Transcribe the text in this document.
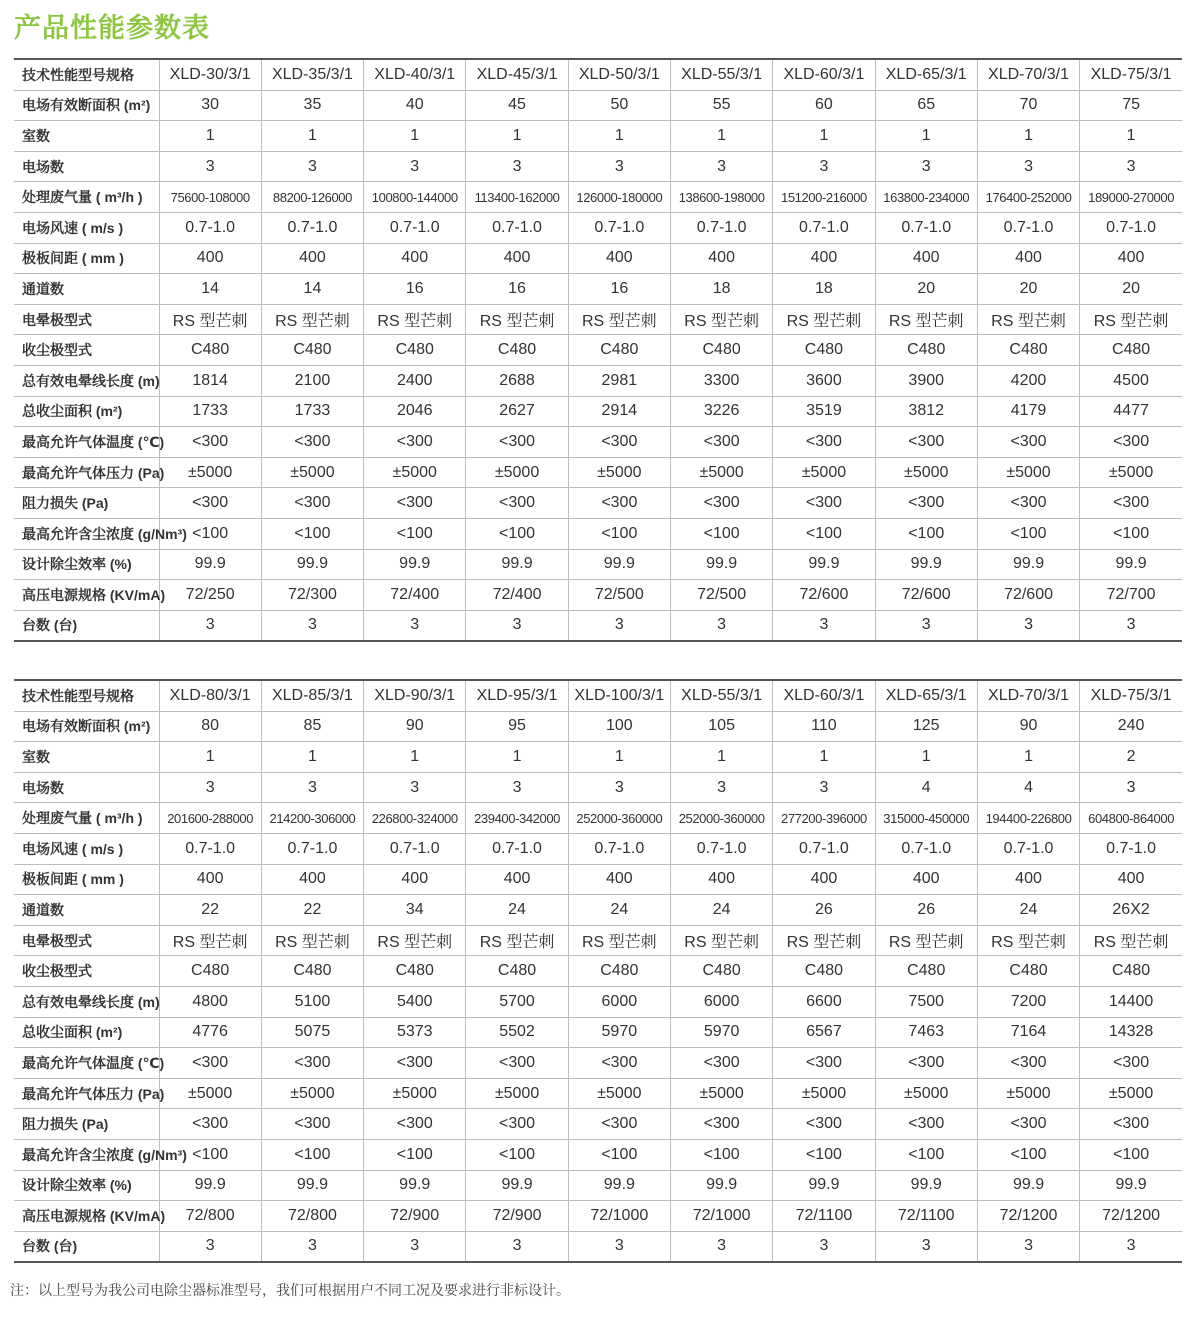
产品性能参数表
技术性能型号规格	XLD-30/3/1	XLD-35/3/1	XLD-40/3/1	XLD-45/3/1	XLD-50/3/1	XLD-55/3/1	XLD-60/3/1	XLD-65/3/1	XLD-70/3/1	XLD-75/3/1
电场有效断面积 (m²)	30	35	40	45	50	55	60	65	70	75
室数	1	1	1	1	1	1	1	1	1	1
电场数	3	3	3	3	3	3	3	3	3	3
处理废气量 ( m³/h )	75600-108000	88200-126000	100800-144000	113400-162000	126000-180000	138600-198000	151200-216000	163800-234000	176400-252000	189000-270000
电场风速 ( m/s )	0.7-1.0	0.7-1.0	0.7-1.0	0.7-1.0	0.7-1.0	0.7-1.0	0.7-1.0	0.7-1.0	0.7-1.0	0.7-1.0
极板间距 ( mm )	400	400	400	400	400	400	400	400	400	400
通道数	14	14	16	16	16	18	18	20	20	20
电晕极型式	RS 型芒刺	RS 型芒刺	RS 型芒刺	RS 型芒刺	RS 型芒刺	RS 型芒刺	RS 型芒刺	RS 型芒刺	RS 型芒刺	RS 型芒刺
收尘极型式	C480	C480	C480	C480	C480	C480	C480	C480	C480	C480
总有效电晕线长度 (m)	1814	2100	2400	2688	2981	3300	3600	3900	4200	4500
总收尘面积 (m²)	1733	1733	2046	2627	2914	3226	3519	3812	4179	4477
最高允许气体温度 (℃)	<300	<300	<300	<300	<300	<300	<300	<300	<300	<300
最高允许气体压力 (Pa)	±5000	±5000	±5000	±5000	±5000	±5000	±5000	±5000	±5000	±5000
阻力损失 (Pa)	<300	<300	<300	<300	<300	<300	<300	<300	<300	<300
最高允许含尘浓度 (g/Nm³)	<100	<100	<100	<100	<100	<100	<100	<100	<100	<100
设计除尘效率 (%)	99.9	99.9	99.9	99.9	99.9	99.9	99.9	99.9	99.9	99.9
高压电源规格 (KV/mA)	72/250	72/300	72/400	72/400	72/500	72/500	72/600	72/600	72/600	72/700
台数 (台)	3	3	3	3	3	3	3	3	3	3
技术性能型号规格	XLD-80/3/1	XLD-85/3/1	XLD-90/3/1	XLD-95/3/1	XLD-100/3/1	XLD-55/3/1	XLD-60/3/1	XLD-65/3/1	XLD-70/3/1	XLD-75/3/1
电场有效断面积 (m²)	80	85	90	95	100	105	110	125	90	240
室数	1	1	1	1	1	1	1	1	1	2
电场数	3	3	3	3	3	3	3	4	4	3
处理废气量 ( m³/h )	201600-288000	214200-306000	226800-324000	239400-342000	252000-360000	252000-360000	277200-396000	315000-450000	194400-226800	604800-864000
电场风速 ( m/s )	0.7-1.0	0.7-1.0	0.7-1.0	0.7-1.0	0.7-1.0	0.7-1.0	0.7-1.0	0.7-1.0	0.7-1.0	0.7-1.0
极板间距 ( mm )	400	400	400	400	400	400	400	400	400	400
通道数	22	22	34	24	24	24	26	26	24	26X2
电晕极型式	RS 型芒刺	RS 型芒刺	RS 型芒刺	RS 型芒刺	RS 型芒刺	RS 型芒刺	RS 型芒刺	RS 型芒刺	RS 型芒刺	RS 型芒刺
收尘极型式	C480	C480	C480	C480	C480	C480	C480	C480	C480	C480
总有效电晕线长度 (m)	4800	5100	5400	5700	6000	6000	6600	7500	7200	14400
总收尘面积 (m²)	4776	5075	5373	5502	5970	5970	6567	7463	7164	14328
最高允许气体温度 (℃)	<300	<300	<300	<300	<300	<300	<300	<300	<300	<300
最高允许气体压力 (Pa)	±5000	±5000	±5000	±5000	±5000	±5000	±5000	±5000	±5000	±5000
阻力损失 (Pa)	<300	<300	<300	<300	<300	<300	<300	<300	<300	<300
最高允许含尘浓度 (g/Nm³)	<100	<100	<100	<100	<100	<100	<100	<100	<100	<100
设计除尘效率 (%)	99.9	99.9	99.9	99.9	99.9	99.9	99.9	99.9	99.9	99.9
高压电源规格 (KV/mA)	72/800	72/800	72/900	72/900	72/1000	72/1000	72/1100	72/1100	72/1200	72/1200
台数 (台)	3	3	3	3	3	3	3	3	3	3
注：以上型号为我公司电除尘器标准型号，我们可根据用户不同工况及要求进行非标设计。
